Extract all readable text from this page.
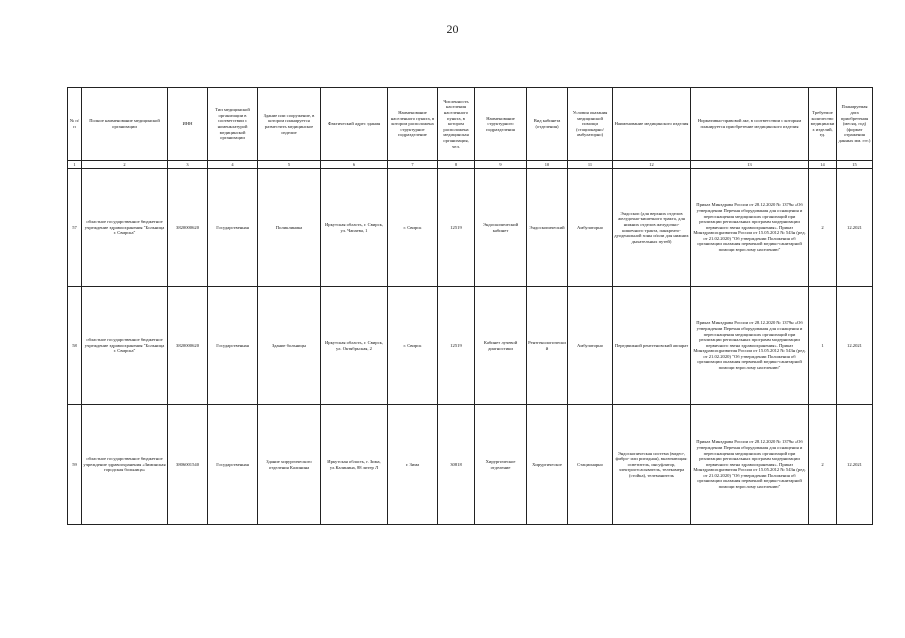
20
№ п/п	Полное наименование медицинской организации	ИНН	Тип медицинской организации в соответствии с номенклатурой медицинской организации	Здание или сооружение, в котором планируется разместить медицинское изделие	Фактический адрес здания	Наименование населенного пункта, в котором расположена структурное подразделение	Численность населения населенного пункта, в котором расположена медицинская организация, чел.	Наименование структурного подразделения	Вид кабинета (отделения)	Условия оказания медицинской помощи (стационарно/амбулаторно)	Наименование медицинского изделия	Нормативно-правовой акт, в соответствии с которым планируется приобретение медицинского изделия	Требуемое количество медицинских изделий, ед.	Планируемая дата приобретения (месяц, год) (формат отражения данных мм. ггг.)
1	2	3	4	5	6	7	8	9	10	11	12	13	14	15
57	областное государственное бюджетное учреждение здравоохранения "Больница г. Свирска"	3820000620	Государственная	Поликлиника	Иркутская область, г. Свирск, ул. Чапаева, 1	г. Свирск	12519	Эндоскопический кабинет	Эндоскопический	Амбулаторно	Эндоскоп (для верхних отделов желудочно-кишечного тракта, для нижних отделов желудочно-кишечного тракта, панкреато-дуоденальной зоны и/или для нижних дыхательных путей)	Приказ Минздрава России от 28.12.2020 № 1379н «Об утверждении Перечня оборудования для оснащения и переоснащения медицинских организаций при реализации региональных программ модернизации первичного звена здравоохранения». Приказ Минздравсоцразвития России от 15.05.2012 № 543н (ред. от 21.02.2020) "Об утверждении Положения об организации оказания первичной медико-санитарной помощи взрослому населению"	2	12.2021
58	областное государственное бюджетное учреждение здравоохранения "Больница г. Свирска"	3820000620	Государственная	Здание больницы	Иркутская область, г. Свирск, ул. Октябрьская, 2	г. Свирск	12519	Кабинет лучевой диагностики	Рентгенологический	Амбулаторно	Передвижной рентгеновский аппарат	Приказ Минздрава России от 28.12.2020 № 1379н «Об утверждении Перечня оборудования для оснащения и переоснащения медицинских организаций при реализации региональных программ модернизации первичного звена здравоохранения». Приказ Минздравсоцразвития России от 15.05.2012 № 543н (ред. от 21.02.2020) "Об утверждении Положения об организации оказания первичной медико-санитарной помощи взрослому населению"	1	12.2021
59	областное государственное бюджетное учреждение здравоохранения «Зиминская городская больница»	3806001540	Государственная	Здание хирургического отделения Калинина	Иркутская область, г. Зима, ул.Калинина, 88 литер Л	г. Зима	30818	Хирургическое отделение	Хирургическое	Стационарно	Эндоскопическая система (видео-, фибро- или ригидная), включающая: осветитель, инсуфлятор, электроотсасыватель, телекамера (стойка), телеманитель	Приказ Минздрава России от 28.12.2020 № 1379н «Об утверждении Перечня оборудования для оснащения и переоснащения медицинских организаций при реализации региональных программ модернизации первичного звена здравоохранения». Приказ Минздравсоцразвития России от 15.05.2012 № 543н (ред. от 21.02.2020) "Об утверждении Положения об организации оказания первичной медико-санитарной помощи взрослому населению"	2	12.2021
